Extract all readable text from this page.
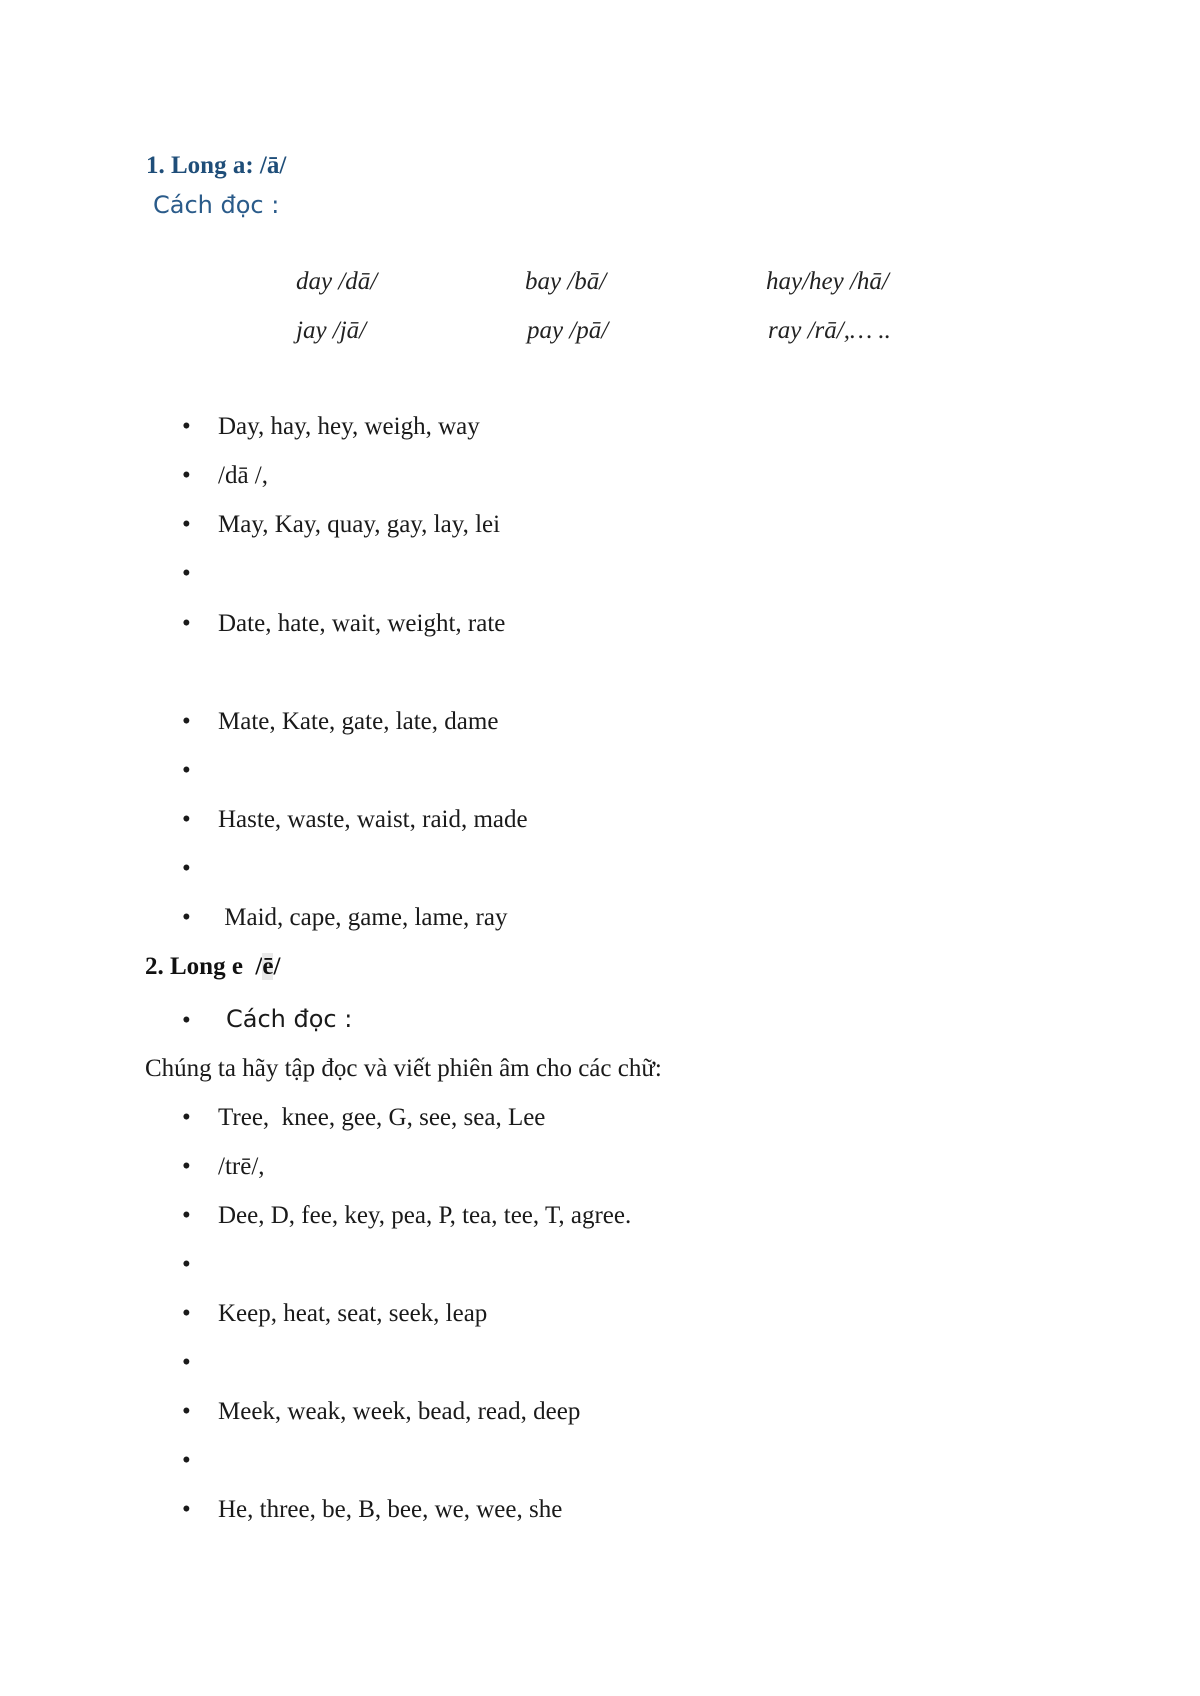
1. Long a: /ā/
Cách đọc :
day /dā/	bay /bā/	hay/hey /hā/
jay /jā/	pay /pā/	ray /rā/,… ..
• Day, hay, hey, weigh, way
• /dā /,
• May, Kay, quay, gay, lay, lei
•
• Date, hate, wait, weight, rate
• Mate, Kate, gate, late, dame
•
• Haste, waste, waist, raid, made
•
• Maid, cape, game, lame, ray
2. Long e  /ē/
• Cách đọc :
Chúng ta hãy tập đọc và viết phiên âm cho các chữ:
• Tree,  knee, gee, G, see, sea, Lee
• /trē/,
• Dee, D, fee, key, pea, P, tea, tee, T, agree.
•
• Keep, heat, seat, seek, leap
•
• Meek, weak, week, bead, read, deep
•
• He, three, be, B, bee, we, wee, she
